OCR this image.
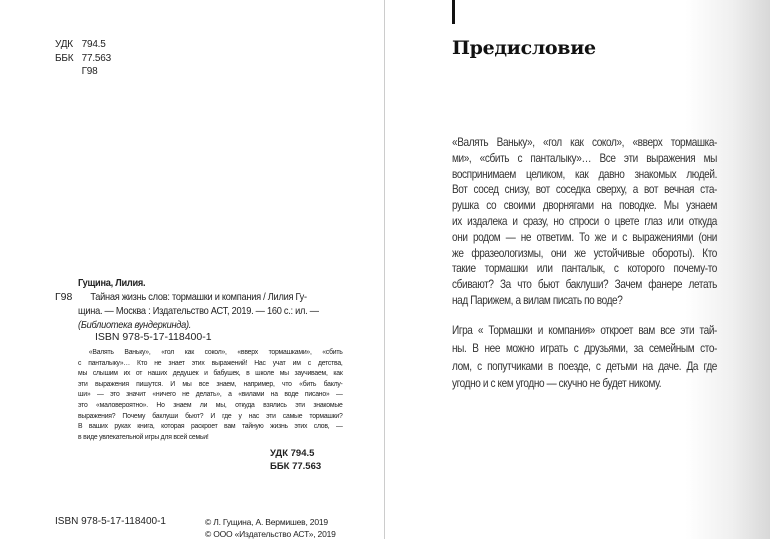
УДК 794.5
ББК 77.563
Г98
Г98
Гущина, Лилия.
Тайная жизнь слов: тормашки и компания / Лилия Гу-
щина. — Москва : Издательство АСТ, 2019. — 160 с.: ил. —
(Библиотека вундеркинда).
ISBN 978-5-17-118400-1
«Валять Ваньку», «гол как сокол», «вверх тормашками», «сбить
с панталыку»… Кто не знает этих выражений! Нас учат им с детства,
мы слышим их от наших дедушек и бабушек, в школе мы заучиваем, как
эти выражения пишутся. И мы все знаем, например, что «бить баклу-
ши» — это значит «ничего не делать», а «вилами на воде писано» —
это «маловероятно». Но знаем ли мы, откуда взялись эти знакомые
выражения? Почему баклуши бьют? И где у нас эти самые тормашки?
В ваших руках книга, которая раскроет вам тайную жизнь этих слов, —
в виде увлекательной игры для всей семьи!
УДК 794.5
ББК 77.563
ISBN 978-5-17-118400-1	© Л. Гущина, А. Вермишев, 2019
© ООО «Издательство АСТ», 2019
Предисловие
«Валять Ваньку», «гол как сокол», «вверх тормашка-
ми», «сбить с панталыку»… Все эти выражения мы
воспринимаем целиком, как давно знакомых людей.
Вот сосед снизу, вот соседка сверху, а вот вечная ста-
рушка со своими дворнягами на поводке. Мы узнаем
их издалека и сразу, но спроси о цвете глаз или откуда
они родом — не ответим. То же и с выражениями (они
же фразеологизмы, они же устойчивые обороты). Кто
такие тормашки или панталык, с которого почему-то
сбивают? За что бьют баклуши? Зачем фанере летать
над Парижем, а вилам писать по воде?
Игра « Тормашки и компания» откроет вам все эти тай-
ны. В нее можно играть с друзьями, за семейным сто-
лом, с попутчиками в поезде, с детьми на даче. Да где
угодно и с кем угодно — скучно не будет никому.
